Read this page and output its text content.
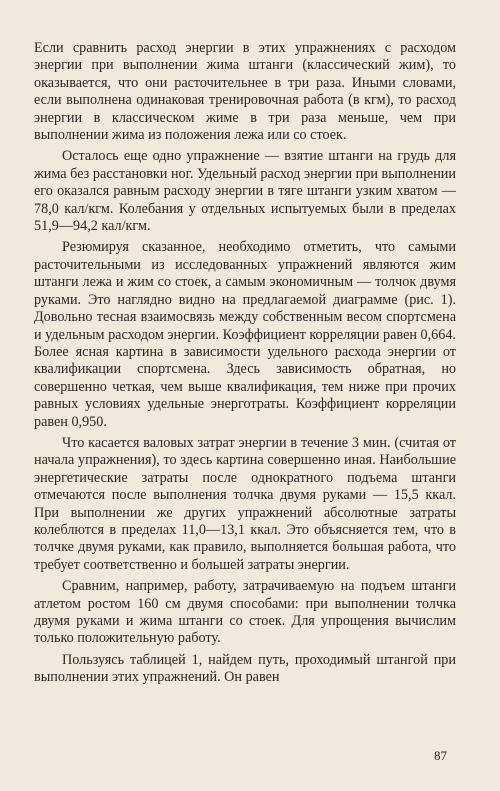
Если сравнить расход энергии в этих упражнениях с расходом энергии при выполнении жима штанги (классический жим), то оказывается, что они расточительнее в три раза. Иными словами, если выполнена одинаковая тренировочная работа (в кгм), то расход энергии в классическом жиме в три раза меньше, чем при выполнении жима из положения лежа или со стоек.

Осталось еще одно упражнение — взятие штанги на грудь для жима без расстановки ног. Удельный расход энергии при выполнении его оказался равным расходу энергии в тяге штанги узким хватом — 78,0 кал/кгм. Колебания у отдельных испытуемых были в пределах 51,9—94,2 кал/кгм.

Резюмируя сказанное, необходимо отметить, что самыми расточительными из исследованных упражнений являются жим штанги лежа и жим со стоек, а самым экономичным — толчок двумя руками. Это наглядно видно на предлагаемой диаграмме (рис. 1). Довольно тесная взаимосвязь между собственным весом спортсмена и удельным расходом энергии. Коэффициент корреляции равен 0,664. Более ясная картина в зависимости удельного расхода энергии от квалификации спортсмена. Здесь зависимость обратная, но совершенно четкая, чем выше квалификация, тем ниже при прочих равных условиях удельные энерготраты. Коэффициент корреляции равен 0,950.

Что касается валовых затрат энергии в течение 3 мин. (считая от начала упражнения), то здесь картина совершенно иная. Наибольшие энергетические затраты после однократного подъема штанги отмечаются после выполнения толчка двумя руками — 15,5 ккал. При выполнении же других упражнений абсолютные затраты колеблются в пределах 11,0—13,1 ккал. Это объясняется тем, что в толчке двумя руками, как правило, выполняется большая работа, что требует соответственно и большей затраты энергии.

Сравним, например, работу, затрачиваемую на подъем штанги атлетом ростом 160 см двумя способами: при выполнении толчка двумя руками и жима штанги со стоек. Для упрощения вычислим только положительную работу.

Пользуясь таблицей 1, найдем путь, проходимый штангой при выполнении этих упражнений. Он равен

87
